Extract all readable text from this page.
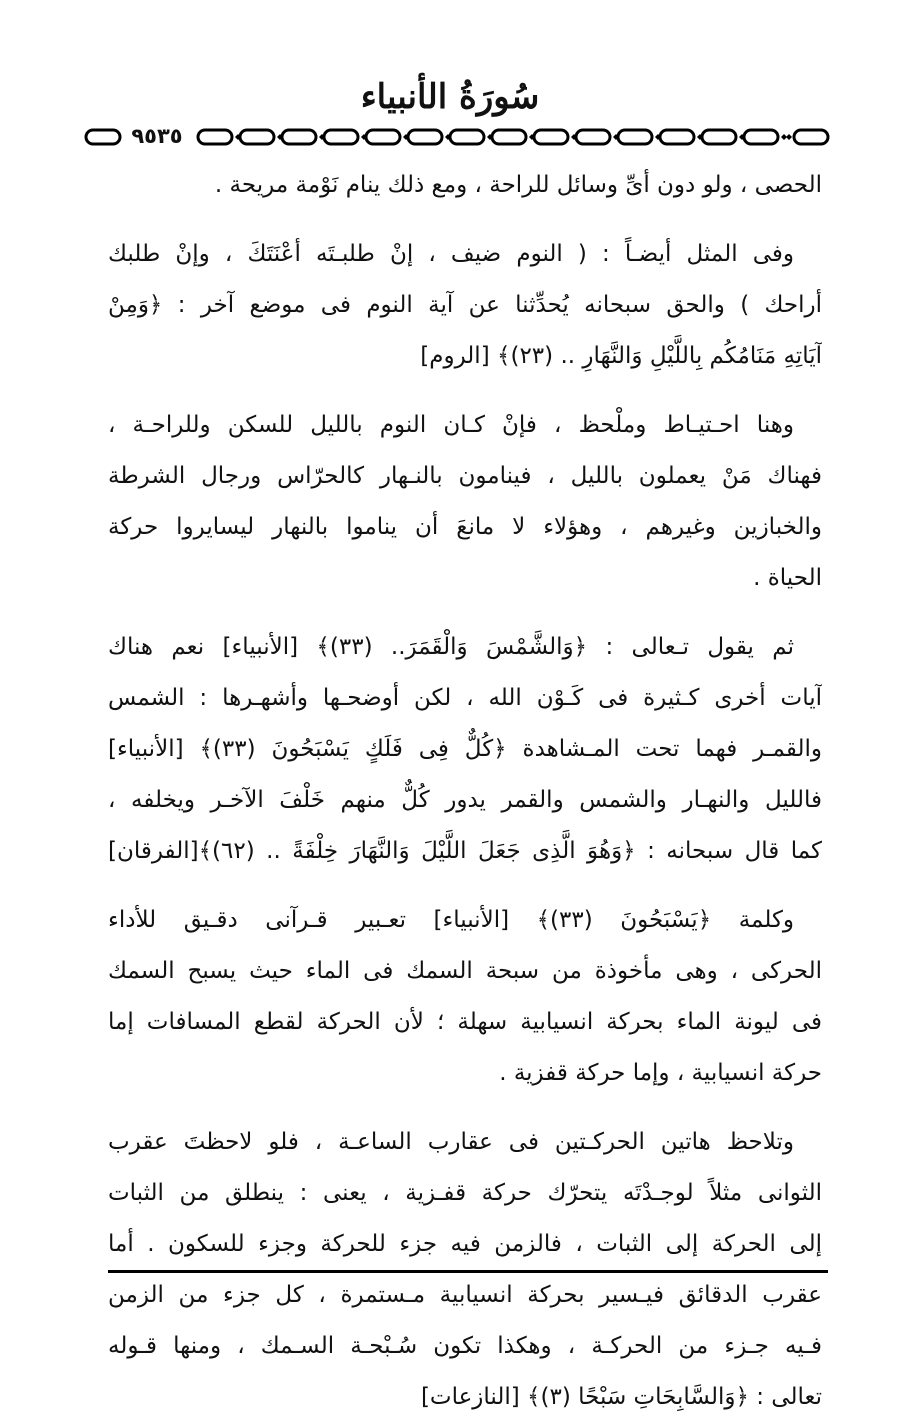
سُورَةُ الأنبياء
٩٥٣٥
الحصى ، ولو دون أىِّ وسائل للراحة ، ومع ذلك ينام نَوْمة مريحة .
وفى المثل أيضـاً : ( النوم ضيف ، إنْ طلبـتَه أعْنَتَكَ ، وإنْ طلبك
أراحك ) والحق سبحانه يُحدِّثنا عن آية النوم فى موضع آخر : ﴿وَمِنْ
آيَاتِهِ مَنَامُكُم بِاللَّيْلِ وَالنَّهَارِ .. (٢٣)﴾ [الروم]
وهنا احـتيـاط وملْحظ ، فإنْ كـان النوم بالليل للسكن وللراحـة ،
فهناك مَنْ يعملون بالليل ، فينامون بالنـهار كالحرّاس ورجال الشرطة
والخبازين وغيرهم ، وهؤلاء لا مانعَ أن يناموا بالنهار ليسايروا حركة
الحياة .
ثم يقول تـعالى : ﴿وَالشَّمْسَ وَالْقَمَرَ.. (٣٣)﴾ [الأنبياء] نعم هناك
آيات أخرى كـثيرة فى كَـوْن الله ، لكن أوضحـها وأشهـرها : الشمس
والقمـر فهما تحت المـشاهدة ﴿كُلٌّ فِى فَلَكٍ يَسْبَحُونَ (٣٣)﴾ [الأنبياء]
فالليل والنهـار والشمس والقمر يدور كُلٌّ منهم خَلْفَ الآخـر ويخلفه ،
كما قال سبحانه : ﴿وَهُوَ الَّذِى جَعَلَ اللَّيْلَ وَالنَّهَارَ خِلْفَةً .. (٦٢)﴾[الفرقان]
وكلمة ﴿يَسْبَحُونَ (٣٣)﴾ [الأنبياء] تعـبير قـرآنى دقـيق للأداء
الحركى ، وهى مأخوذة من سبحة السمك فى الماء حيث يسبح السمك
فى ليونة الماء بحركة انسيابية سهلة ؛ لأن الحركة لقطع المسافات إما
حركة انسيابية ، وإما حركة قفزية .
وتلاحظ هاتين الحركـتين فى عقارب الساعـة ، فلو لاحظتَ عقرب
الثوانى مثلاً لوجـدْتَه يتحرّك حركة قفـزية ، يعنى : ينطلق من الثبات
إلى الحركة إلى الثبات ، فالزمن فيه جزء للحركة وجزء للسكون . أما
عقرب الدقائق فيـسير بحركة انسيابية مـستمرة ، كل جزء من الزمن
فـيه جـزء من الحركـة ، وهكذا تكون سُـبْحـة السـمك ، ومنها قـوله
تعالى : ﴿وَالسَّابِحَاتِ سَبْحًا (٣)﴾ [النازعات]
